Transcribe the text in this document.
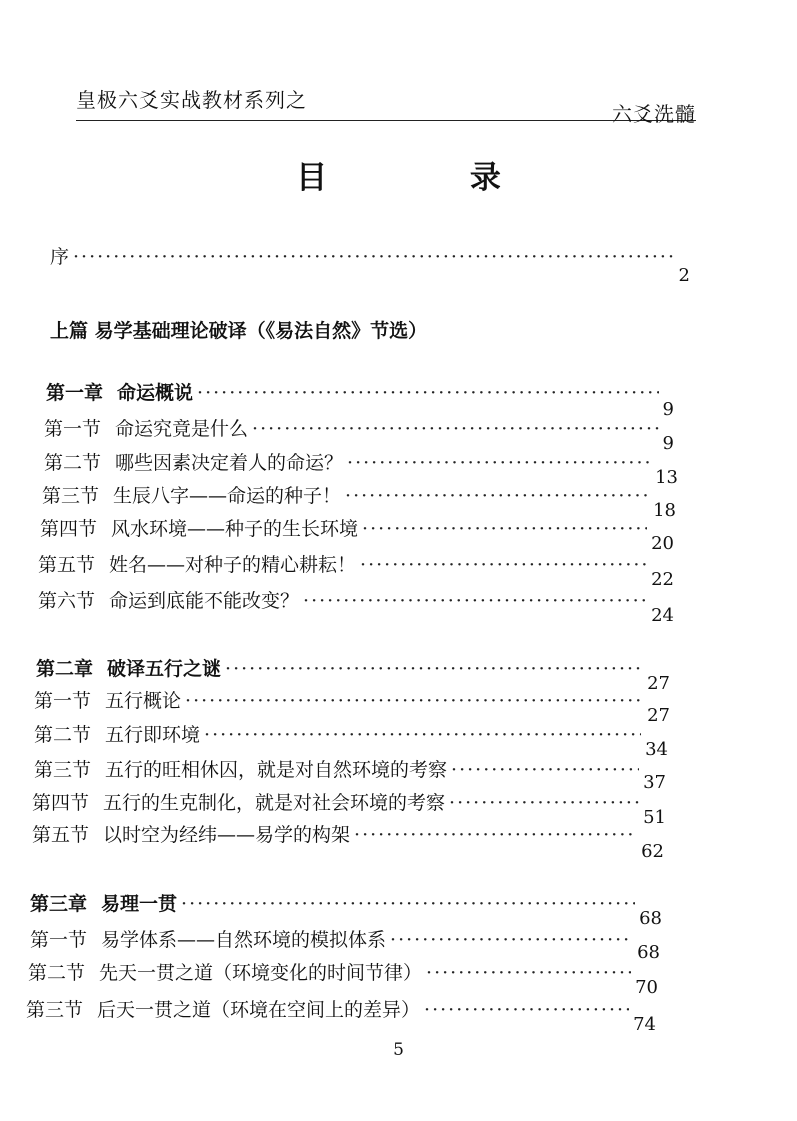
皇极六爻实战教材系列之
六爻洗髓
目 录
序
·····
2
上篇 易学基础理论破译（《易法自然》节选）
第一章 命运概说
·····
9
第一节 命运究竟是什么
·····
9
第二节 哪些因素决定着人的命运？
·····
13
第三节 生辰八字——命运的种子！
·····
18
第四节 风水环境——种子的生长环境
·····
20
第五节 姓名——对种子的精心耕耘！
·····
22
第六节 命运到底能不能改变？
·····
24
第二章 破译五行之谜
·····
27
第一节 五行概论
·····
27
第二节 五行即环境
·····
34
第三节 五行的旺相休囚，就是对自然环境的考察
·····
37
第四节 五行的生克制化，就是对社会环境的考察
·····
51
第五节 以时空为经纬——易学的构架
·····
62
第三章 易理一贯
·····
68
第一节 易学体系——自然环境的模拟体系
·····
68
第二节 先天一贯之道（环境变化的时间节律）
·····
70
第三节 后天一贯之道（环境在空间上的差异）
·····
74
5
